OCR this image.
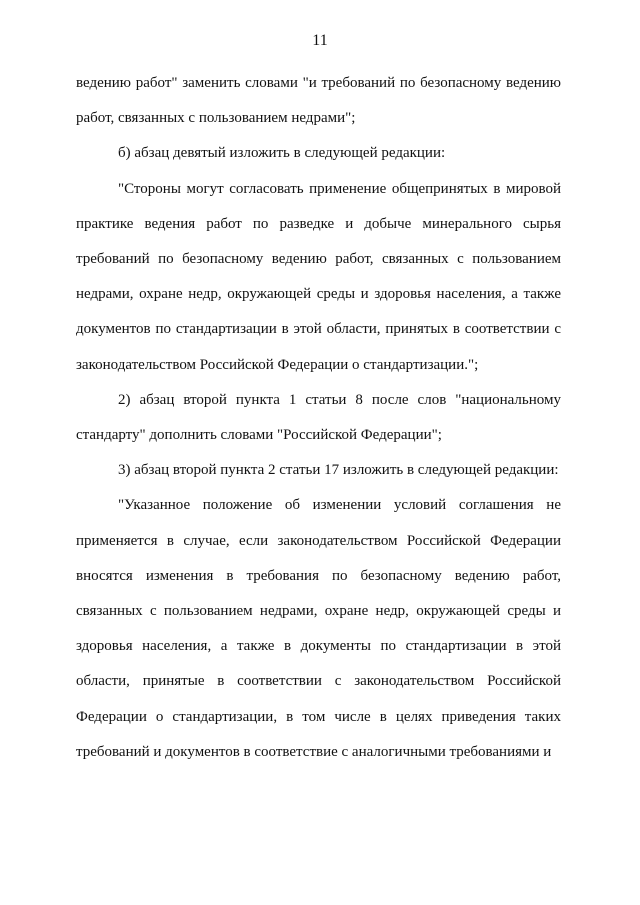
11

ведению работ" заменить словами "и требований по безопасному ведению работ, связанных с пользованием недрами";

б) абзац девятый изложить в следующей редакции:

"Стороны могут согласовать применение общепринятых в мировой практике ведения работ по разведке и добыче минерального сырья требований по безопасному ведению работ, связанных с пользованием недрами, охране недр, окружающей среды и здоровья населения, а также документов по стандартизации в этой области, принятых в соответствии с законодательством Российской Федерации о стандартизации.";

2) абзац второй пункта 1 статьи 8 после слов "национальному стандарту" дополнить словами "Российской Федерации";

3) абзац второй пункта 2 статьи 17 изложить в следующей редакции:

"Указанное положение об изменении условий соглашения не применяется в случае, если законодательством Российской Федерации вносятся изменения в требования по безопасному ведению работ, связанных с пользованием недрами, охране недр, окружающей среды и здоровья населения, а также в документы по стандартизации в этой области, принятые в соответствии с законодательством Российской Федерации о стандартизации, в том числе в целях приведения таких требований и документов в соответствие с аналогичными требованиями и
